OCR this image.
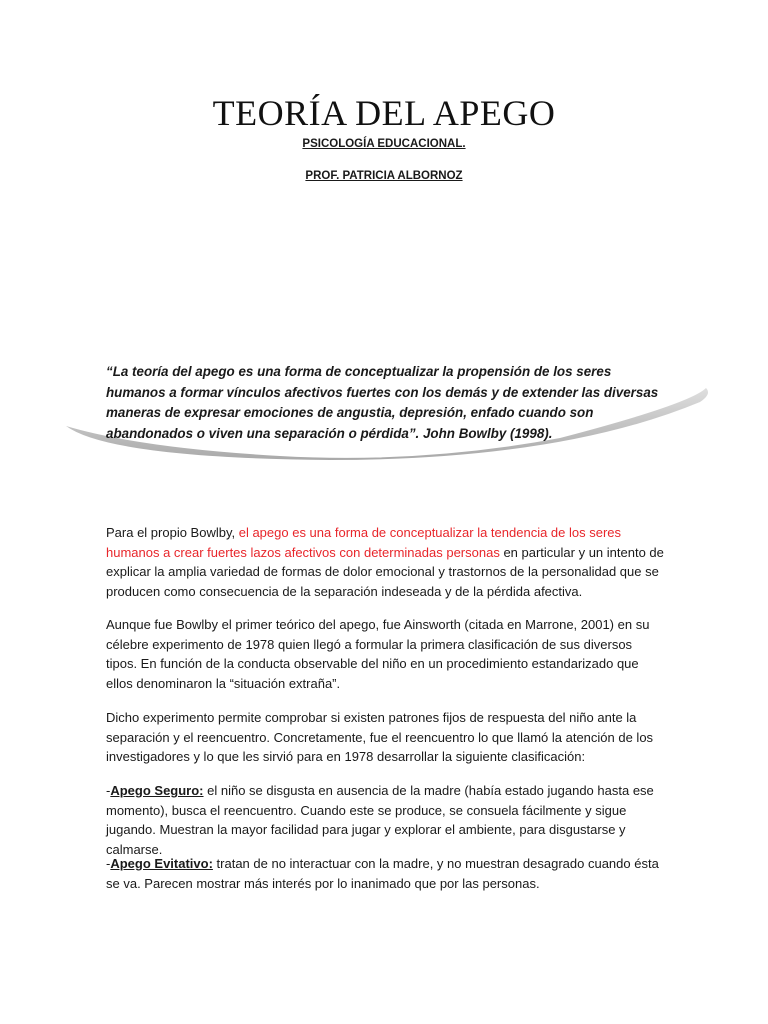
TEORÍA DEL APEGO
PSICOLOGÍA EDUCACIONAL.
PROF. PATRICIA ALBORNOZ
“La teoría del apego es una forma de conceptualizar la propensión de los seres humanos a formar vínculos afectivos fuertes con los demás y de extender las diversas maneras de expresar emociones de angustia, depresión, enfado cuando son abandonados o viven una separación o pérdida”. John Bowlby (1998).

Para el propio Bowlby, el apego es una forma de conceptualizar la tendencia de los seres humanos a crear fuertes lazos afectivos con determinadas personas en particular y un intento de explicar la amplia variedad de formas de dolor emocional y trastornos de la personalidad que se producen como consecuencia de la separación indeseada y de la pérdida afectiva.

Aunque fue Bowlby el primer teórico del apego, fue Ainsworth (citada en Marrone, 2001) en su célebre experimento de 1978 quien llegó a formular la primera clasificación de sus diversos tipos. En función de la conducta observable del niño en un procedimiento estandarizado que ellos denominaron la “situación extraña”.

Dicho experimento permite comprobar si existen patrones fijos de respuesta del niño ante la separación y el reencuentro. Concretamente, fue el reencuentro lo que llamó la atención de los investigadores y lo que les sirvió para en 1978 desarrollar la siguiente clasificación:

-Apego Seguro: el niño se disgusta en ausencia de la madre (había estado jugando hasta ese momento), busca el reencuentro. Cuando este se produce, se consuela fácilmente y sigue jugando. Muestran la mayor facilidad para jugar y explorar el ambiente, para disgustarse y calmarse.

-Apego Evitativo: tratan de no interactuar con la madre, y no muestran desagrado cuando ésta se va. Parecen mostrar más interés por lo inanimado que por las personas.
